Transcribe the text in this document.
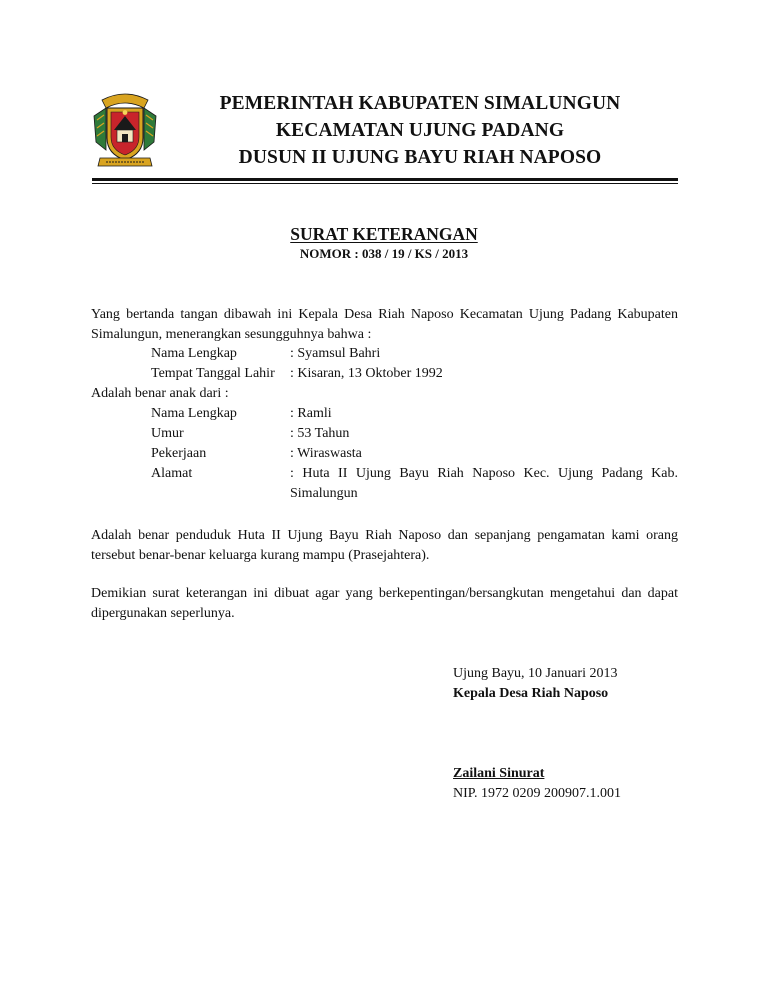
PEMERINTAH KABUPATEN SIMALUNGUN
KECAMATAN UJUNG PADANG
DUSUN II UJUNG BAYU RIAH NAPOSO
SURAT KETERANGAN
NOMOR : 038 / 19 / KS / 2013
Yang bertanda tangan dibawah ini Kepala Desa Riah Naposo Kecamatan Ujung Padang Kabupaten Simalungun, menerangkan sesungguhnya bahwa :
Nama Lengkap	: Syamsul Bahri
Tempat Tanggal Lahir : Kisaran, 13 Oktober 1992
Adalah benar anak dari :
Nama Lengkap	: Ramli
Umur	: 53 Tahun
Pekerjaan	: Wiraswasta
Alamat	: Huta II Ujung Bayu Riah Naposo Kec. Ujung Padang Kab. Simalungun
Adalah benar penduduk Huta II Ujung Bayu Riah Naposo dan sepanjang pengamatan kami orang tersebut benar-benar keluarga kurang mampu (Prasejahtera).
Demikian surat keterangan ini dibuat agar yang berkepentingan/bersangkutan mengetahui dan dapat dipergunakan seperlunya.
Ujung Bayu, 10 Januari 2013
Kepala Desa Riah Naposo
Zailani Sinurat
NIP. 1972 0209 200907.1.001
